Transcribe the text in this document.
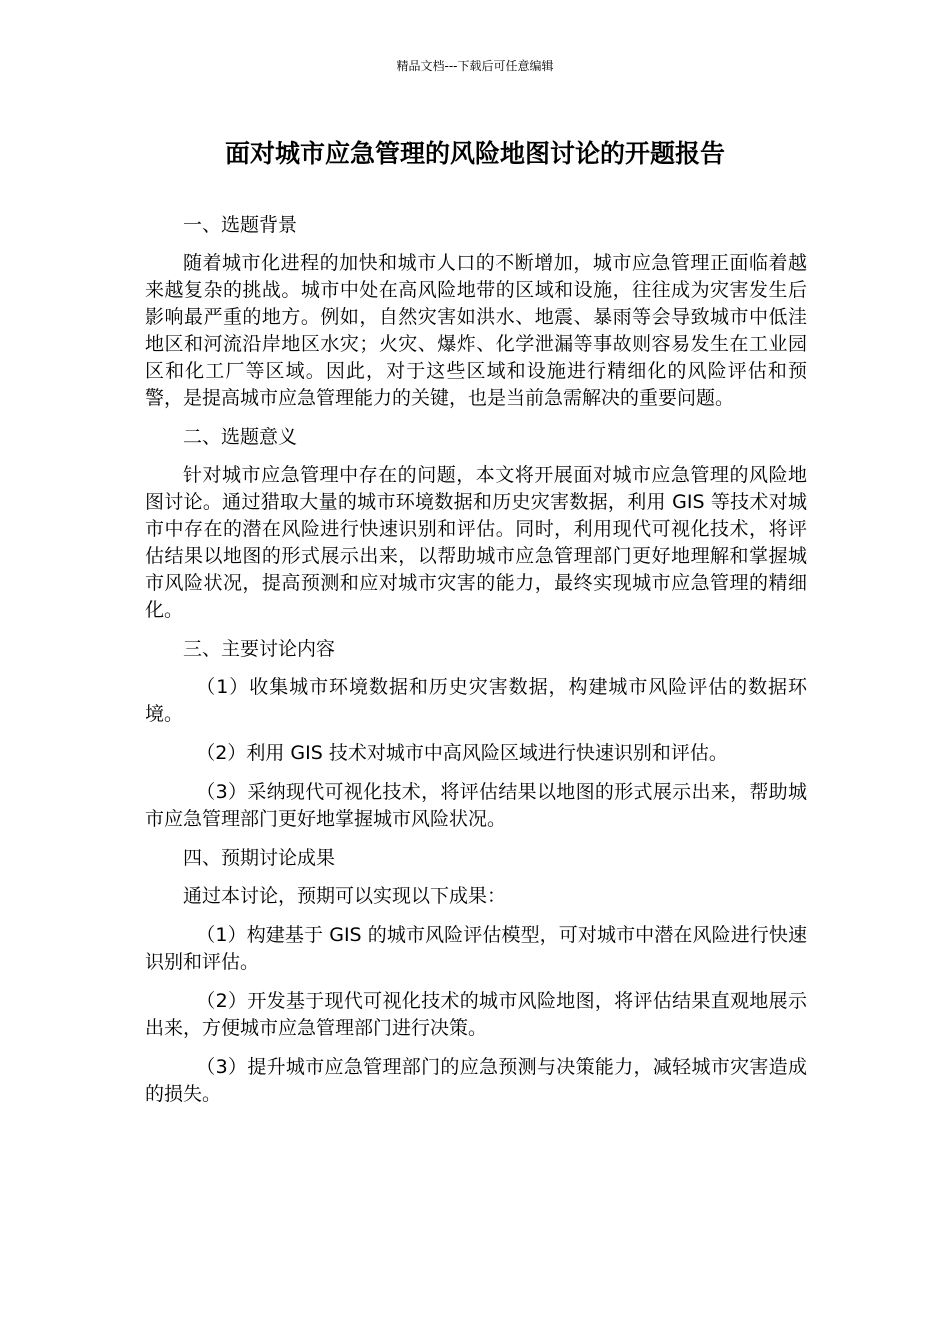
精品文档---下载后可任意编辑
面对城市应急管理的风险地图讨论的开题报告

一、选题背景

随着城市化进程的加快和城市人口的不断增加，城市应急管理正面临着越来越复杂的挑战。城市中处在高风险地带的区域和设施，往往成为灾害发生后影响最严重的地方。例如，自然灾害如洪水、地震、暴雨等会导致城市中低洼地区和河流沿岸地区水灾；火灾、爆炸、化学泄漏等事故则容易发生在工业园区和化工厂等区域。因此，对于这些区域和设施进行精细化的风险评估和预警，是提高城市应急管理能力的关键，也是当前急需解决的重要问题。

二、选题意义

针对城市应急管理中存在的问题，本文将开展面对城市应急管理的风险地图讨论。通过猎取大量的城市环境数据和历史灾害数据，利用 GIS 等技术对城市中存在的潜在风险进行快速识别和评估。同时，利用现代可视化技术，将评估结果以地图的形式展示出来，以帮助城市应急管理部门更好地理解和掌握城市风险状况，提高预测和应对城市灾害的能力，最终实现城市应急管理的精细化。

三、主要讨论内容

（1）收集城市环境数据和历史灾害数据，构建城市风险评估的数据环境。

（2）利用 GIS 技术对城市中高风险区域进行快速识别和评估。

（3）采纳现代可视化技术，将评估结果以地图的形式展示出来，帮助城市应急管理部门更好地掌握城市风险状况。

四、预期讨论成果

通过本讨论，预期可以实现以下成果：

（1）构建基于 GIS 的城市风险评估模型，可对城市中潜在风险进行快速识别和评估。

（2）开发基于现代可视化技术的城市风险地图，将评估结果直观地展示出来，方便城市应急管理部门进行决策。

（3）提升城市应急管理部门的应急预测与决策能力，减轻城市灾害造成的损失。
